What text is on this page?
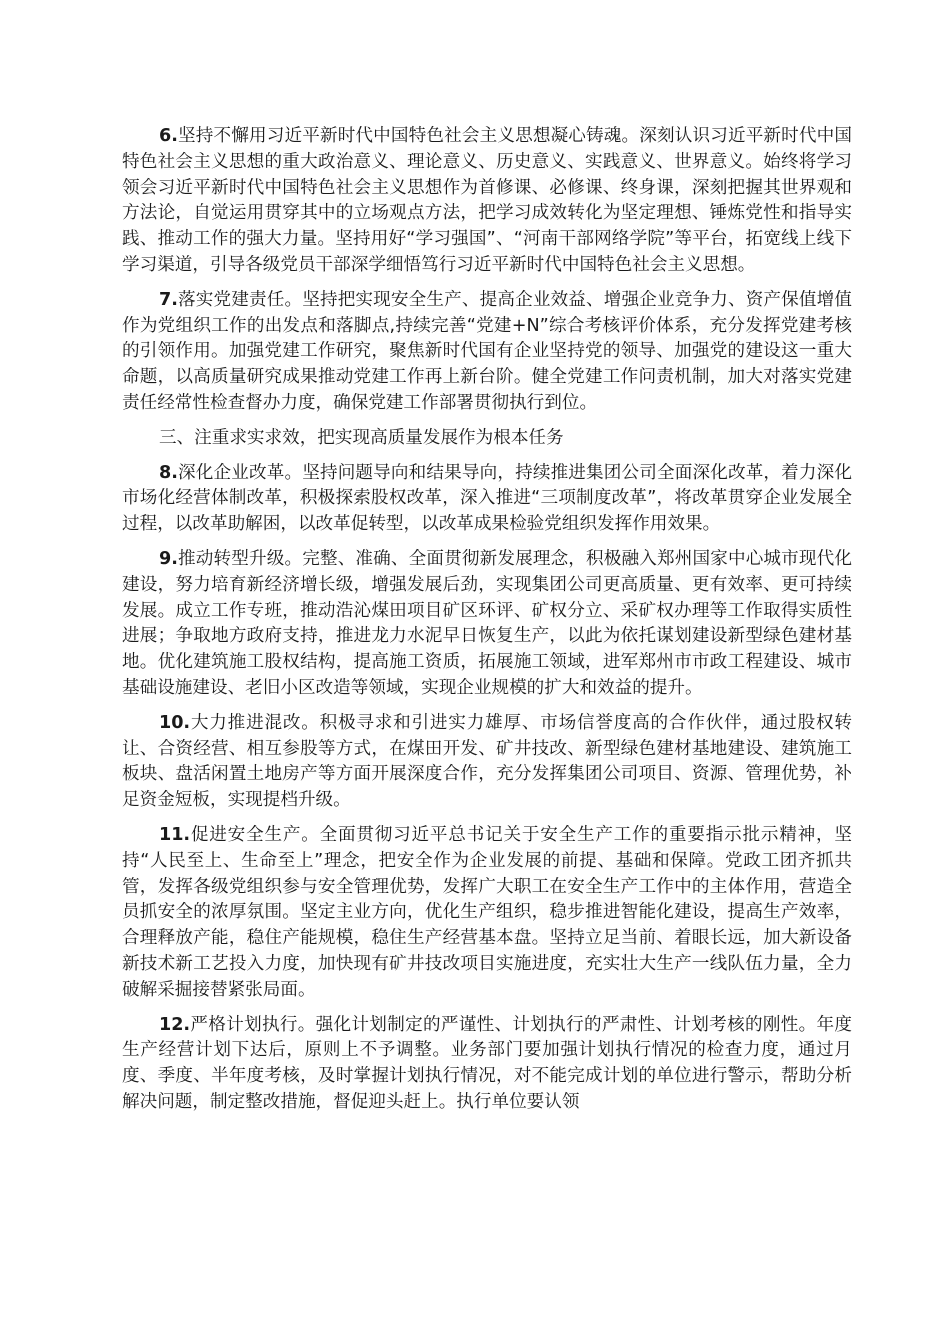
6.坚持不懈用习近平新时代中国特色社会主义思想凝心铸魂。深刻认识习近平新时代中国特色社会主义思想的重大政治意义、理论意义、历史意义、实践意义、世界意义。始终将学习领会习近平新时代中国特色社会主义思想作为首修课、必修课、终身课，深刻把握其世界观和方法论，自觉运用贯穿其中的立场观点方法，把学习成效转化为坚定理想、锤炼党性和指导实践、推动工作的强大力量。坚持用好“学习强国”、“河南干部网络学院”等平台，拓宽线上线下学习渠道，引导各级党员干部深学细悟笃行习近平新时代中国特色社会主义思想。

7.落实党建责任。坚持把实现安全生产、提高企业效益、增强企业竞争力、资产保值增值作为党组织工作的出发点和落脚点,持续完善“党建+N”综合考核评价体系，充分发挥党建考核的引领作用。加强党建工作研究，聚焦新时代国有企业坚持党的领导、加强党的建设这一重大命题，以高质量研究成果推动党建工作再上新台阶。健全党建工作问责机制，加大对落实党建责任经常性检查督办力度，确保党建工作部署贯彻执行到位。

三、注重求实求效，把实现高质量发展作为根本任务

8.深化企业改革。坚持问题导向和结果导向，持续推进集团公司全面深化改革，着力深化市场化经营体制改革，积极探索股权改革，深入推进“三项制度改革”，将改革贯穿企业发展全过程，以改革助解困，以改革促转型，以改革成果检验党组织发挥作用效果。

9.推动转型升级。完整、准确、全面贯彻新发展理念，积极融入郑州国家中心城市现代化建设，努力培育新经济增长级，增强发展后劲，实现集团公司更高质量、更有效率、更可持续发展。成立工作专班，推动浩沁煤田项目矿区环评、矿权分立、采矿权办理等工作取得实质性进展；争取地方政府支持，推进龙力水泥早日恢复生产，以此为依托谋划建设新型绿色建材基地。优化建筑施工股权结构，提高施工资质，拓展施工领域，进军郑州市市政工程建设、城市基础设施建设、老旧小区改造等领域，实现企业规模的扩大和效益的提升。

10.大力推进混改。积极寻求和引进实力雄厚、市场信誉度高的合作伙伴，通过股权转让、合资经营、相互参股等方式，在煤田开发、矿井技改、新型绿色建材基地建设、建筑施工板块、盘活闲置土地房产等方面开展深度合作，充分发挥集团公司项目、资源、管理优势，补足资金短板，实现提档升级。

11.促进安全生产。全面贯彻习近平总书记关于安全生产工作的重要指示批示精神，坚持“人民至上、生命至上”理念，把安全作为企业发展的前提、基础和保障。党政工团齐抓共管，发挥各级党组织参与安全管理优势，发挥广大职工在安全生产工作中的主体作用，营造全员抓安全的浓厚氛围。坚定主业方向，优化生产组织，稳步推进智能化建设，提高生产效率，合理释放产能，稳住产能规模，稳住生产经营基本盘。坚持立足当前、着眼长远，加大新设备新技术新工艺投入力度，加快现有矿井技改项目实施进度，充实壮大生产一线队伍力量，全力破解采掘接替紧张局面。

12.严格计划执行。强化计划制定的严谨性、计划执行的严肃性、计划考核的刚性。年度生产经营计划下达后，原则上不予调整。业务部门要加强计划执行情况的检查力度，通过月度、季度、半年度考核，及时掌握计划执行情况，对不能完成计划的单位进行警示，帮助分析解决问题，制定整改措施，督促迎头赶上。执行单位要认领
